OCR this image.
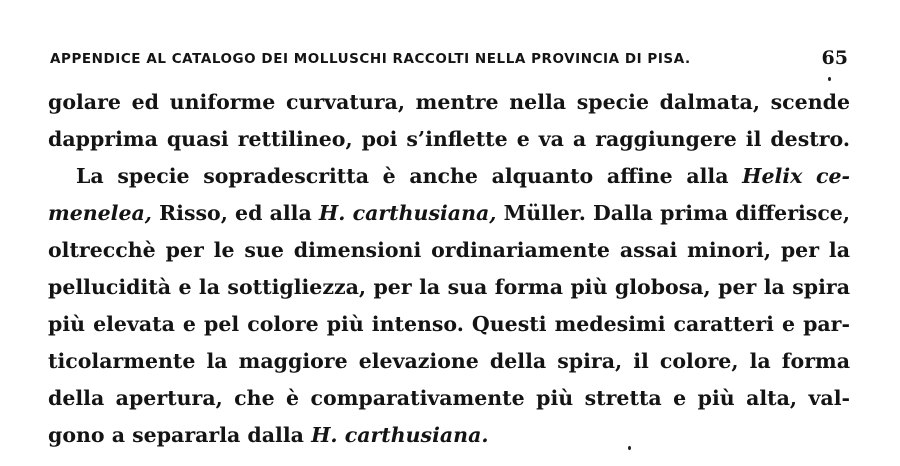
APPENDICE AL CATALOGO DEI MOLLUSCHI RACCOLTI NELLA PROVINCIA DI PISA.	65
golare ed uniforme curvatura, mentre nella specie dalmata, scende
dapprima quasi rettilineo, poi s’inflette e va a raggiungere il destro.
La specie sopradescritta è anche alquanto affine alla Helix ce-
menelea, Risso, ed alla H. carthusiana, Müller. Dalla prima differisce,
oltrecchè per le sue dimensioni ordinariamente assai minori, per la
pellucidità e la sottigliezza, per la sua forma più globosa, per la spira
più elevata e pel colore più intenso. Questi medesimi caratteri e par-
ticolarmente la maggiore elevazione della spira, il colore, la forma
della apertura, che è comparativamente più stretta e più alta, val-
gono a separarla dalla H. carthusiana.
